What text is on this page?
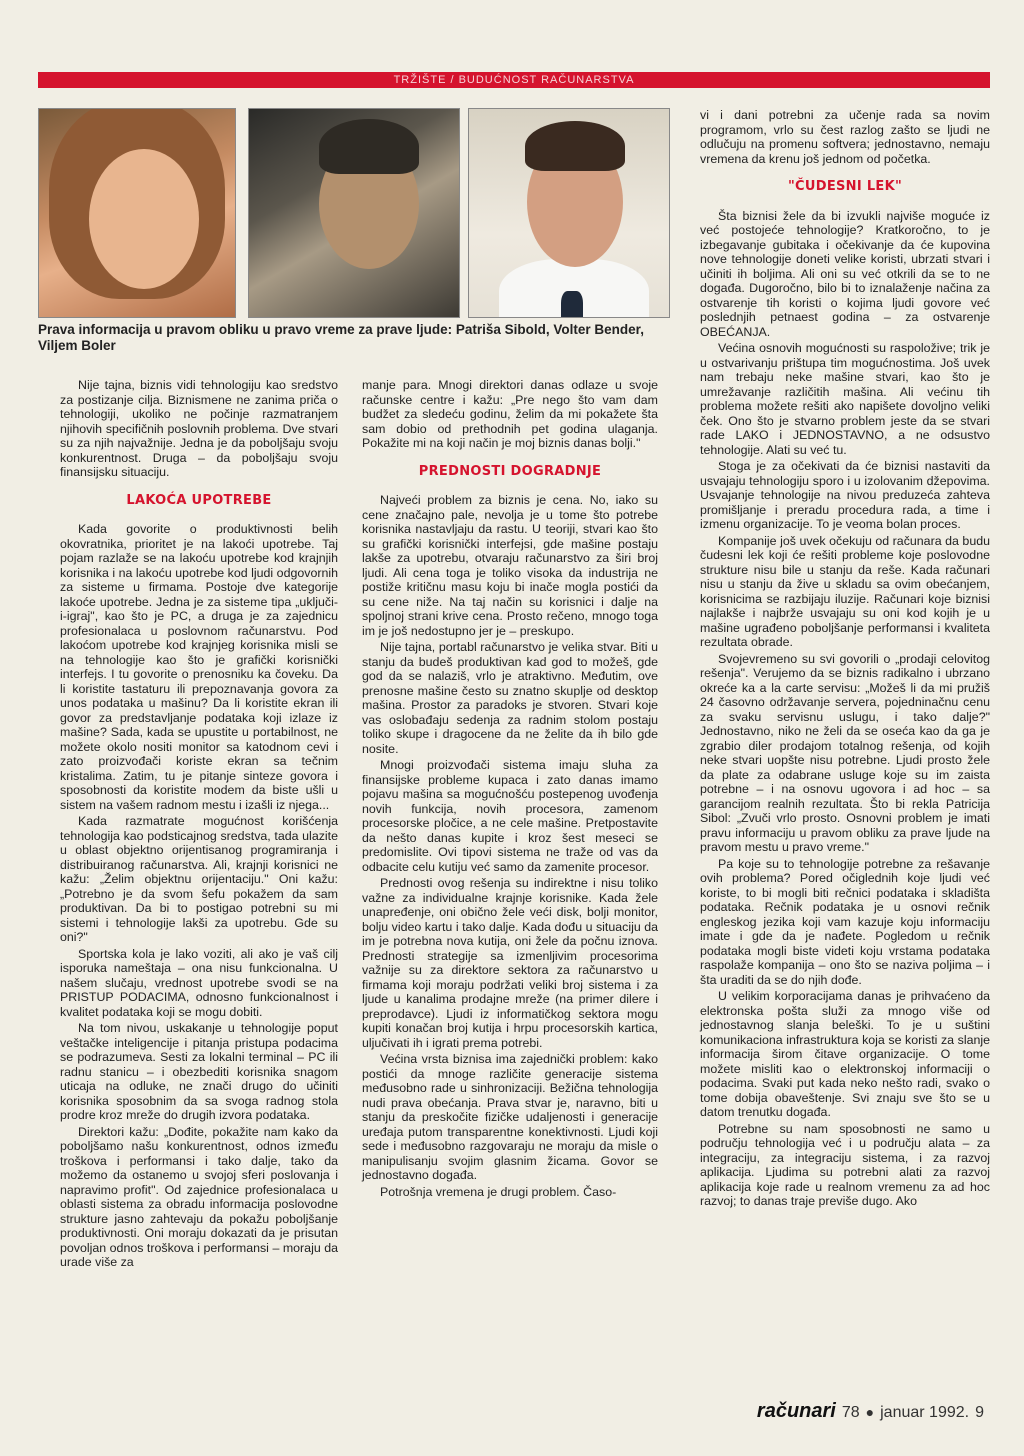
TRŽIŠTE / BUDUĆNOST RAČUNARSTVA
Prava informacija u pravom obliku u pravo vreme za prave ljude: Patriša Sibold, Volter Bender, Viljem Boler

Nije tajna, biznis vidi tehnologiju kao sredstvo za postizanje cilja. Biznismene ne zanima priča o tehnologiji, ukoliko ne počinje razmatranjem njihovih specifičnih poslovnih problema. Dve stvari su za njih najvažnije. Jedna je da poboljšaju svoju konkurentnost. Druga – da poboljšaju svoju finansijsku situaciju.

LAKOĆA UPOTREBE

Kada govorite o produktivnosti belih okovratnika, prioritet je na lakoći upotrebe. Taj pojam razlaže se na lakoću upotrebe kod krajnjih korisnika i na lakoću upotrebe kod ljudi odgovornih za sisteme u firmama. Postoje dve kategorije lakoće upotrebe. Jedna je za sisteme tipa „uključi-i-igraj", kao što je PC, a druga je za zajednicu profesionalaca u poslovnom računarstvu. Pod lakoćom upotrebe kod krajnjeg korisnika misli se na tehnologije kao što je grafički korisnički interfejs. I tu govorite o prenosniku ka čoveku. Da li koristite tastaturu ili prepoznavanja govora za unos podataka u mašinu? Da li koristite ekran ili govor za predstavljanje podataka koji izlaze iz mašine? Sada, kada se upustite u portabilnost, ne možete okolo nositi monitor sa katodnom cevi i zato proizvođači koriste ekran sa tečnim kristalima. Zatim, tu je pitanje sinteze govora i sposobnosti da koristite modem da biste ušli u sistem na vašem radnom mestu i izašli iz njega...

Kada razmatrate mogućnost korišćenja tehnologija kao podsticajnog sredstva, tada ulazite u oblast objektno orijentisanog programiranja i distribuiranog računarstva. Ali, krajnji korisnici ne kažu: „Želim objektnu orijentaciju." Oni kažu: „Potrebno je da svom šefu pokažem da sam produktivan. Da bi to postigao potrebni su mi sistemi i tehnologije lakši za upotrebu. Gde su oni?"

Sportska kola je lako voziti, ali ako je vaš cilj isporuka nameštaja – ona nisu funkcionalna. U našem slučaju, vrednost upotrebe svodi se na PRISTUP PODACIMA, odnosno funkcionalnost i kvalitet podataka koji se mogu dobiti.

Na tom nivou, uskakanje u tehnologije poput veštačke inteligencije i pitanja pristupa podacima se podrazumeva. Sesti za lokalni terminal – PC ili radnu stanicu – i obezbediti korisnika snagom uticaja na odluke, ne znači drugo do učiniti korisnika sposobnim da sa svoga radnog stola prodre kroz mreže do drugih izvora podataka.

Direktori kažu: „Dođite, pokažite nam kako da poboljšamo našu konkurentnost, odnos između troškova i performansi i tako dalje, tako da možemo da ostanemo u svojoj sferi poslovanja i napravimo profit". Od zajednice profesionalaca u oblasti sistema za obradu informacija poslovodne strukture jasno zahtevaju da pokažu poboljšanje produktivnosti. Oni moraju dokazati da je prisutan povoljan odnos troškova i performansi – moraju da urade više za

manje para. Mnogi direktori danas odlaze u svoje računske centre i kažu: „Pre nego što vam dam budžet za sledeću godinu, želim da mi pokažete šta sam dobio od prethodnih pet godina ulaganja. Pokažite mi na koji način je moj biznis danas bolji."

PREDNOSTI DOGRADNJE

Najveći problem za biznis je cena. No, iako su cene značajno pale, nevolja je u tome što potrebe korisnika nastavljaju da rastu. U teoriji, stvari kao što su grafički korisnički interfejsi, gde mašine postaju lakše za upotrebu, otvaraju računarstvo za širi broj ljudi. Ali cena toga je toliko visoka da industrija ne postiže kritičnu masu koju bi inače mogla postići da su cene niže. Na taj način su korisnici i dalje na spoljnoj strani krive cena. Prosto rečeno, mnogo toga im je još nedostupno jer je – preskupo.

Nije tajna, portabl računarstvo je velika stvar. Biti u stanju da budeš produktivan kad god to možeš, gde god da se nalaziš, vrlo je atraktivno. Međutim, ove prenosne mašine često su znatno skuplje od desktop mašina. Prostor za paradoks je stvoren. Stvari koje vas oslobađaju sedenja za radnim stolom postaju toliko skupe i dragocene da ne želite da ih bilo gde nosite.

Mnogi proizvođači sistema imaju sluha za finansijske probleme kupaca i zato danas imamo pojavu mašina sa mogućnošću postepenog uvođenja novih funkcija, novih procesora, zamenom procesorske pločice, a ne cele mašine. Pretpostavite da nešto danas kupite i kroz šest meseci se predomislite. Ovi tipovi sistema ne traže od vas da odbacite celu kutiju već samo da zamenite procesor.

Prednosti ovog rešenja su indirektne i nisu toliko važne za individualne krajnje korisnike. Kada žele unapređenje, oni obično žele veći disk, bolji monitor, bolju video kartu i tako dalje. Kada dođu u situaciju da im je potrebna nova kutija, oni žele da počnu iznova. Prednosti strategije sa izmenljivim procesorima važnije su za direktore sektora za računarstvo u firmama koji moraju podržati veliki broj sistema i za ljude u kanalima prodajne mreže (na primer dilere i preprodavce). Ljudi iz informatičkog sektora mogu kupiti konačan broj kutija i hrpu procesorskih kartica, uljučivati ih i igrati prema potrebi.

Većina vrsta biznisa ima zajednički problem: kako postići da mnoge različite generacije sistema međusobno rade u sinhronizaciji. Bežična tehnologija nudi prava obećanja. Prava stvar je, naravno, biti u stanju da preskočite fizičke udaljenosti i generacije uređaja putom transparentne konektivnosti. Ljudi koji sede i međusobno razgovaraju ne moraju da misle o manipulisanju svojim glasnim žicama. Govor se jednostavno događa.

Potrošnja vremena je drugi problem. Časo-

vi i dani potrebni za učenje rada sa novim programom, vrlo su čest razlog zašto se ljudi ne odlučuju na promenu softvera; jednostavno, nemaju vremena da krenu još jednom od početka.

"ČUDESNI LEK"

Šta biznisi žele da bi izvukli najviše moguće iz već postojeće tehnologije? Kratkoročno, to je izbegavanje gubitaka i očekivanje da će kupovina nove tehnologije doneti velike koristi, ubrzati stvari i učiniti ih boljima. Ali oni su već otkrili da se to ne događa. Dugoročno, bilo bi to iznalaženje načina za ostvarenje tih koristi o kojima ljudi govore već poslednjih petnaest godina – za ostvarenje OBEĆANJA.

Većina osnovih mogućnosti su raspoložive; trik je u ostvarivanju prištupa tim mogućnostima. Još uvek nam trebaju neke mašine stvari, kao što je umrežavanje različitih mašina. Ali većinu tih problema možete rešiti ako napišete dovoljno veliki ček. Ono što je stvarno problem jeste da se stvari rade LAKO i JEDNOSTAVNO, a ne odsustvo tehnologije. Alati su već tu.

Stoga je za očekivati da će biznisi nastaviti da usvajaju tehnologiju sporo i u izolovanim džepovima. Usvajanje tehnologije na nivou preduzeća zahteva promišljanje i preradu procedura rada, a time i izmenu organizacije. To je veoma bolan proces.

Kompanije još uvek očekuju od računara da budu čudesni lek koji će rešiti probleme koje poslovodne strukture nisu bile u stanju da reše. Kada računari nisu u stanju da žive u skladu sa ovim obećanjem, korisnicima se razbijaju iluzije. Računari koje biznisi najlakše i najbrže usvajaju su oni kod kojih je u mašine ugrađeno poboljšanje performansi i kvaliteta rezultata obrade.

Svojevremeno su svi govorili o „prodaji celovitog rešenja". Verujemo da se biznis radikalno i ubrzano okreće ka a la carte servisu: „Možeš li da mi pružiš 24 časovno održavanje servera, pojedninačnu cenu za svaku servisnu uslugu, i tako dalje?" Jednostavno, niko ne želi da se oseća kao da ga je zgrabio diler prodajom totalnog rešenja, od kojih neke stvari uopšte nisu potrebne. Ljudi prosto žele da plate za odabrane usluge koje su im zaista potrebne – i na osnovu ugovora i ad hoc – sa garancijom realnih rezultata. Što bi rekla Patricija Sibol: „Zvuči vrlo prosto. Osnovni problem je imati pravu informaciju u pravom obliku za prave ljude na pravom mestu u pravo vreme."

Pa koje su to tehnologije potrebne za rešavanje ovih problema? Pored očiglednih koje ljudi već koriste, to bi mogli biti rečnici podataka i skladišta podataka. Rečnik podataka je u osnovi rečnik engleskog jezika koji vam kazuje koju informaciju imate i gde da je nađete. Pogledom u rečnik podataka mogli biste videti koju vrstama podataka raspolaže kompanija – ono što se naziva poljima – i šta uraditi da se do njih dođe.

U velikim korporacijama danas je prihvaćeno da elektronska pošta služi za mnogo više od jednostavnog slanja beleški. To je u suštini komunikaciona infrastruktura koja se koristi za slanje informacija širom čitave organizacije. O tome možete misliti kao o elektronskoj informaciji o podacima. Svaki put kada neko nešto radi, svako o tome dobija obaveštenje. Svi znaju sve što se u datom trenutku događa.

Potrebne su nam sposobnosti ne samo u području tehnologija već i u području alata – za integraciju, za integraciju sistema, i za razvoj aplikacija. Ljudima su potrebni alati za razvoj aplikacija koje rade u realnom vremenu za ad hoc razvoj; to danas traje previše dugo. Ako

računari 78 ● januar 1992. 9
